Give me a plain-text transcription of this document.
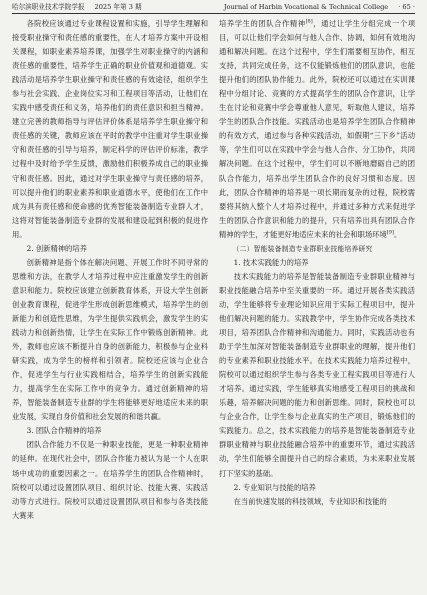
哈尔滨职业技术学院学报 2025 年第 3 期	Journal of Harbin Vocational & Technical College · 65 ·

各院校应该通过专业课程设置和实施，引导学生理解和接受职业操守和责任感的重要性，在人才培养方案中开设相关课程，如职业素养培养课，加强学生对职业操守的内涵和责任感的重要性，培养学生正确的职业价值观和道德观。实践活动是培养学生职业操守和责任感的有效途径，组织学生参与社会实践、企业岗位实习和工程项目等活动，让他们在实践中感受责任和义务，培养他们的责任意识和担当精神。建立完善的教师指导与评估评价体系是培养学生职业操守和责任感的关键，教师应该在平时的教学中注重对学生职业操守和责任感的引导与培养，制定科学的评估评价标准，教学过程中及时给予学生反馈，激励他们积极养成自己的职业操守和责任感。因此，通过对学生职业操守与责任感的培养，可以提升他们的职业素养和职业道德水平，使他们在工作中成为具有责任感和使命感的优秀智能装备制造专业群人才，这将对智能装备制造专业群的发展和建设起到积极的促进作用。

2. 创新精神的培养

创新精神是指个体在解决问题、开展工作时不同寻常的思维和方法，在教学人才培养过程中应注重激发学生的创新意识和能力。院校应该建立创新教育体系，开设大学生创新创业教育课程，促进学生形成创新思维模式，培养学生的创新能力和创造性思维，为学生提供实践机会，激发学生的实践动力和创新热情，让学生在实际工作中锻炼创新精神。此外，教师也应该不断提升自身的创新能力，积极参与企业科研实践，成为学生的榜样和引领者。院校还应该与企业合作，促进学生与行业实践相结合，培养学生的创新实践能力，提高学生在实际工作中的竞争力。通过创新精神的培养，智能装备制造专业群的学生将能够更好地适应未来的职业发展，实现自身价值和社会发展的和谐共赢。

3. 团队合作精神的培养

团队合作能力不仅是一种职业技能，更是一种职业精神的延伸。在现代社会中，团队合作能力被认为是一个人在职场中成功的重要因素之一。在培养学生的团队合作精神时，院校可以通过设置团队项目、组织讨论、技能大赛、实践活动等方式进行。院校可以通过设置团队项目和参与各类技能大赛来

培养学生的团队合作精神[8]，通过让学生分组完成一个项目，可以让他们学会如何与他人合作、协调，如何有效地沟通和解决问题。在这个过程中，学生们需要相互协作，相互支持，共同完成任务，这不仅能锻炼他们的团队意识，也能提升他们的团队协作能力。此外，院校还可以通过在实训课程中分组讨论、竞赛的方式提高学生的团队合作意识，让学生在讨论和竞赛中学会尊重他人意见，听取他人建议，培养学生的团队合作技能。实践活动也是培养学生团队合作精神的有效方式，通过参与各种实践活动，如假期“三下乡”活动等，学生们可以在实践中学会与他人合作、分工协作，共同解决问题。在这个过程中，学生们可以不断地磨砺自己的团队合作能力，培养出学生团队合作的良好习惯和态度。因此，团队合作精神的培养是一项长期而复杂的过程，院校需要将其纳入整个人才培养过程中，并通过多种方式来促进学生的团队合作意识和能力的提升，只有培养出具有团队合作精神的学生，才能更好地适应未来的社会和职场环境[9]。

（二）智能装备制造专业群职业技能培养研究

1. 技术实践能力的培养

技术实践能力的培养是智能装备制造专业群职业精神与职业技能融合培养中至关重要的一环。通过开展各类实践活动，学生能够将专业理论知识应用于实际工程项目中，提升他们解决问题的能力。实践教学中，学生协作完成各类技术项目，培养团队合作精神和沟通能力。同时，实践活动也有助于学生加深对智能装备制造专业群职业的理解，提升他们的专业素养和职业技能水平。在技术实践能力培养过程中，院校可以通过组织学生参与各类专业工程实践项目等进行人才培养。通过实践，学生能够真实地感受工程项目的挑战和乐趣，培养解决问题的能力和创新思维。同时，院校也可以与企业合作，让学生参与企业真实的生产项目，锻炼他们的实践能力。总之，技术实践能力的培养是智能装备制造专业群职业精神与职业技能融合培养中的重要环节，通过实践活动，学生们能够全面提升自己的综合素质，为未来职业发展打下坚实的基础。

2. 专业知识与技能的培养

在当前快速发展的科技领域，专业知识和技能的
